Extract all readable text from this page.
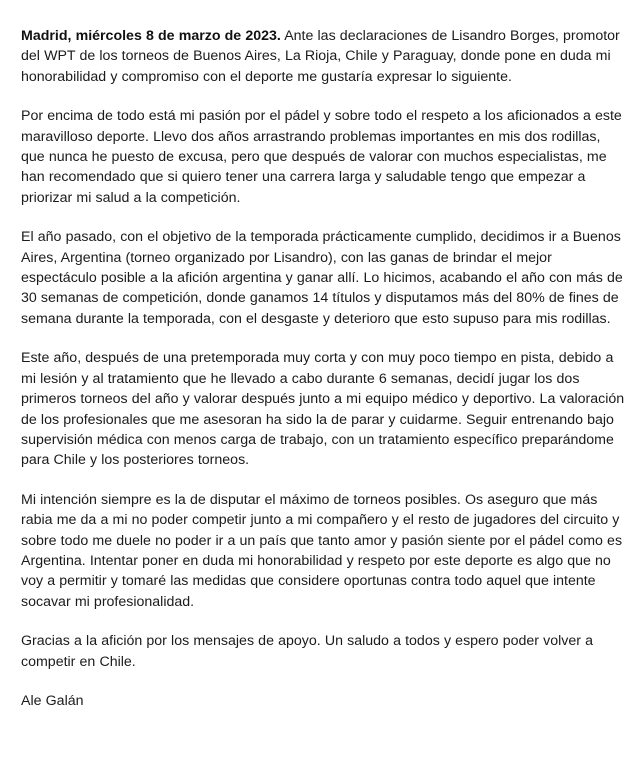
Madrid, miércoles 8 de marzo de 2023. Ante las declaraciones de Lisandro Borges, promotor del WPT de los torneos de Buenos Aires, La Rioja, Chile y Paraguay, donde pone en duda mi honorabilidad y compromiso con el deporte me gustaría expresar lo siguiente.

Por encima de todo está mi pasión por el pádel y sobre todo el respeto a los aficionados a este maravilloso deporte. Llevo dos años arrastrando problemas importantes en mis dos rodillas, que nunca he puesto de excusa, pero que después de valorar con muchos especialistas, me han recomendado que si quiero tener una carrera larga y saludable tengo que empezar a priorizar mi salud a la competición.

El año pasado, con el objetivo de la temporada prácticamente cumplido, decidimos ir a Buenos Aires, Argentina (torneo organizado por Lisandro), con las ganas de brindar el mejor espectáculo posible a la afición argentina y ganar allí. Lo hicimos, acabando el año con más de 30 semanas de competición, donde ganamos 14 títulos y disputamos más del 80% de fines de semana durante la temporada, con el desgaste y deterioro que esto supuso para mis rodillas.

Este año, después de una pretemporada muy corta y con muy poco tiempo en pista, debido a mi lesión y al tratamiento que he llevado a cabo durante 6 semanas, decidí jugar los dos primeros torneos del año y valorar después junto a mi equipo médico y deportivo. La valoración de los profesionales que me asesoran ha sido la de parar y cuidarme. Seguir entrenando bajo supervisión médica con menos carga de trabajo, con un tratamiento específico preparándome para Chile y los posteriores torneos.

Mi intención siempre es la de disputar el máximo de torneos posibles. Os aseguro que más rabia me da a mi no poder competir junto a mi compañero y el resto de jugadores del circuito y sobre todo me duele no poder ir a un país que tanto amor y pasión siente por el pádel como es Argentina. Intentar poner en duda mi honorabilidad y respeto por este deporte es algo que no voy a permitir y tomaré las medidas que considere oportunas contra todo aquel que intente socavar mi profesionalidad.

Gracias a la afición por los mensajes de apoyo. Un saludo a todos y espero poder volver a competir en Chile.

Ale Galán
